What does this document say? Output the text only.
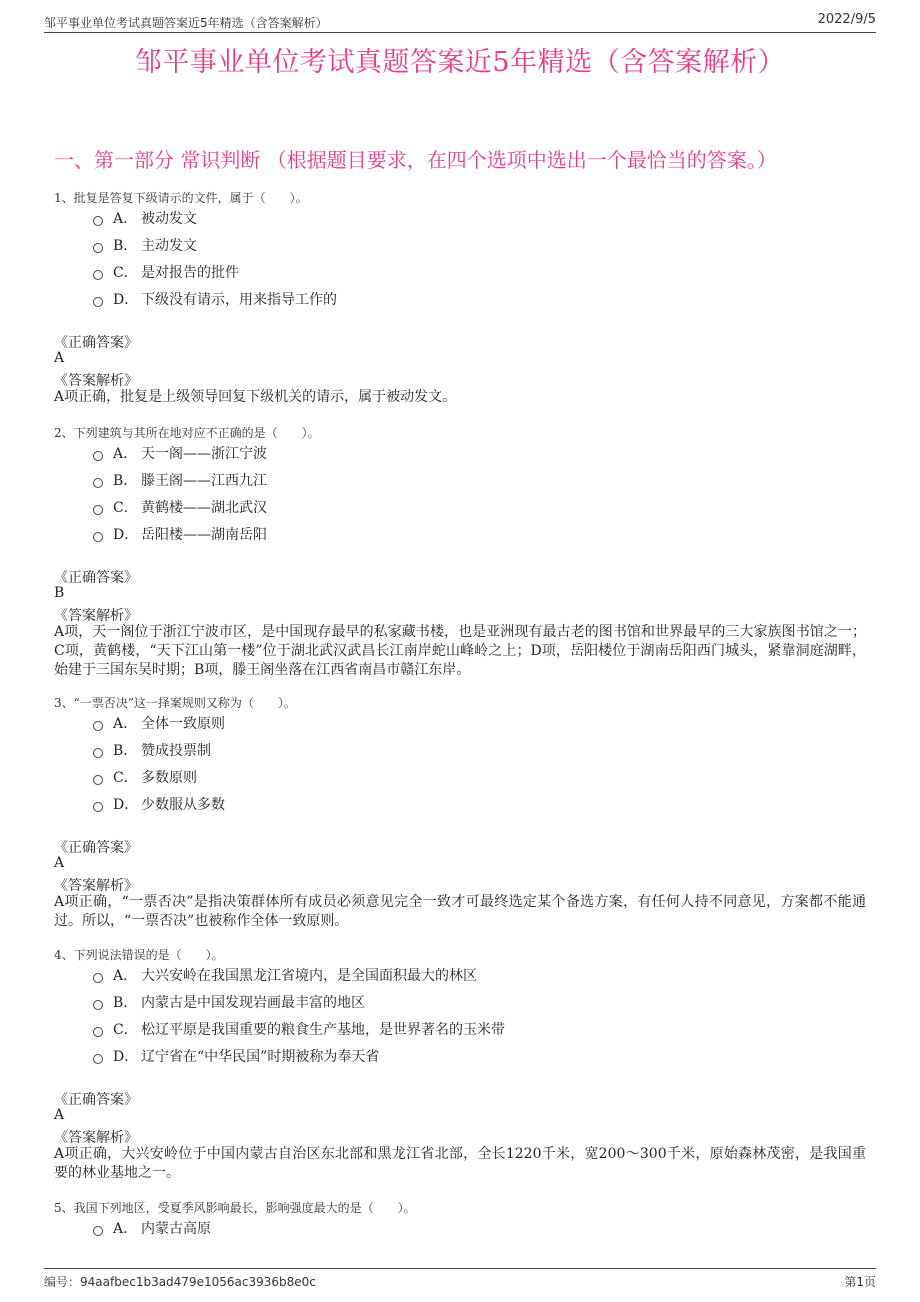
邹平事业单位考试真题答案近5年精选（含答案解析）	2022/9/5
邹平事业单位考试真题答案近5年精选（含答案解析）
一、第一部分 常识判断 （根据题目要求，在四个选项中选出一个最恰当的答案。）
1、批复是答复下级请示的文件，属于（　　）。
A． 被动发文
B． 主动发文
C． 是对报告的批件
D． 下级没有请示，用来指导工作的
《正确答案》
A
《答案解析》
A项正确，批复是上级领导回复下级机关的请示，属于被动发文。
2、下列建筑与其所在地对应不正确的是（　　）。
A． 天一阁——浙江宁波
B． 滕王阁——江西九江
C． 黄鹤楼——湖北武汉
D． 岳阳楼——湖南岳阳
《正确答案》
B
《答案解析》
A项，天一阁位于浙江宁波市区，是中国现存最早的私家藏书楼，也是亚洲现有最古老的图书馆和世界最早的三大家族图书馆之一；C项，黄鹤楼，“天下江山第一楼”位于湖北武汉武昌长江南岸蛇山峰岭之上；D项，岳阳楼位于湖南岳阳西门城头，紧靠洞庭湖畔，始建于三国东吴时期；B项，滕王阁坐落在江西省南昌市赣江东岸。
3、“一票否决”这一择案规则又称为（　　）。
A． 全体一致原则
B． 赞成投票制
C． 多数原则
D． 少数服从多数
《正确答案》
A
《答案解析》
A项正确，“一票否决”是指决策群体所有成员必须意见完全一致才可最终选定某个备选方案，有任何人持不同意见，方案都不能通过。所以，“一票否决”也被称作全体一致原则。
4、下列说法错误的是（　　）。
A． 大兴安岭在我国黑龙江省境内，是全国面积最大的林区
B． 内蒙古是中国发现岩画最丰富的地区
C． 松辽平原是我国重要的粮食生产基地，是世界著名的玉米带
D． 辽宁省在“中华民国”时期被称为奉天省
《正确答案》
A
《答案解析》
A项正确，大兴安岭位于中国内蒙古自治区东北部和黑龙江省北部，全长1220千米，宽200～300千米，原始森林茂密，是我国重要的林业基地之一。
5、我国下列地区，受夏季风影响最长，影响强度最大的是（　　）。
A． 内蒙古高原
编号：94aafbec1b3ad479e1056ac3936b8e0c	第1页
